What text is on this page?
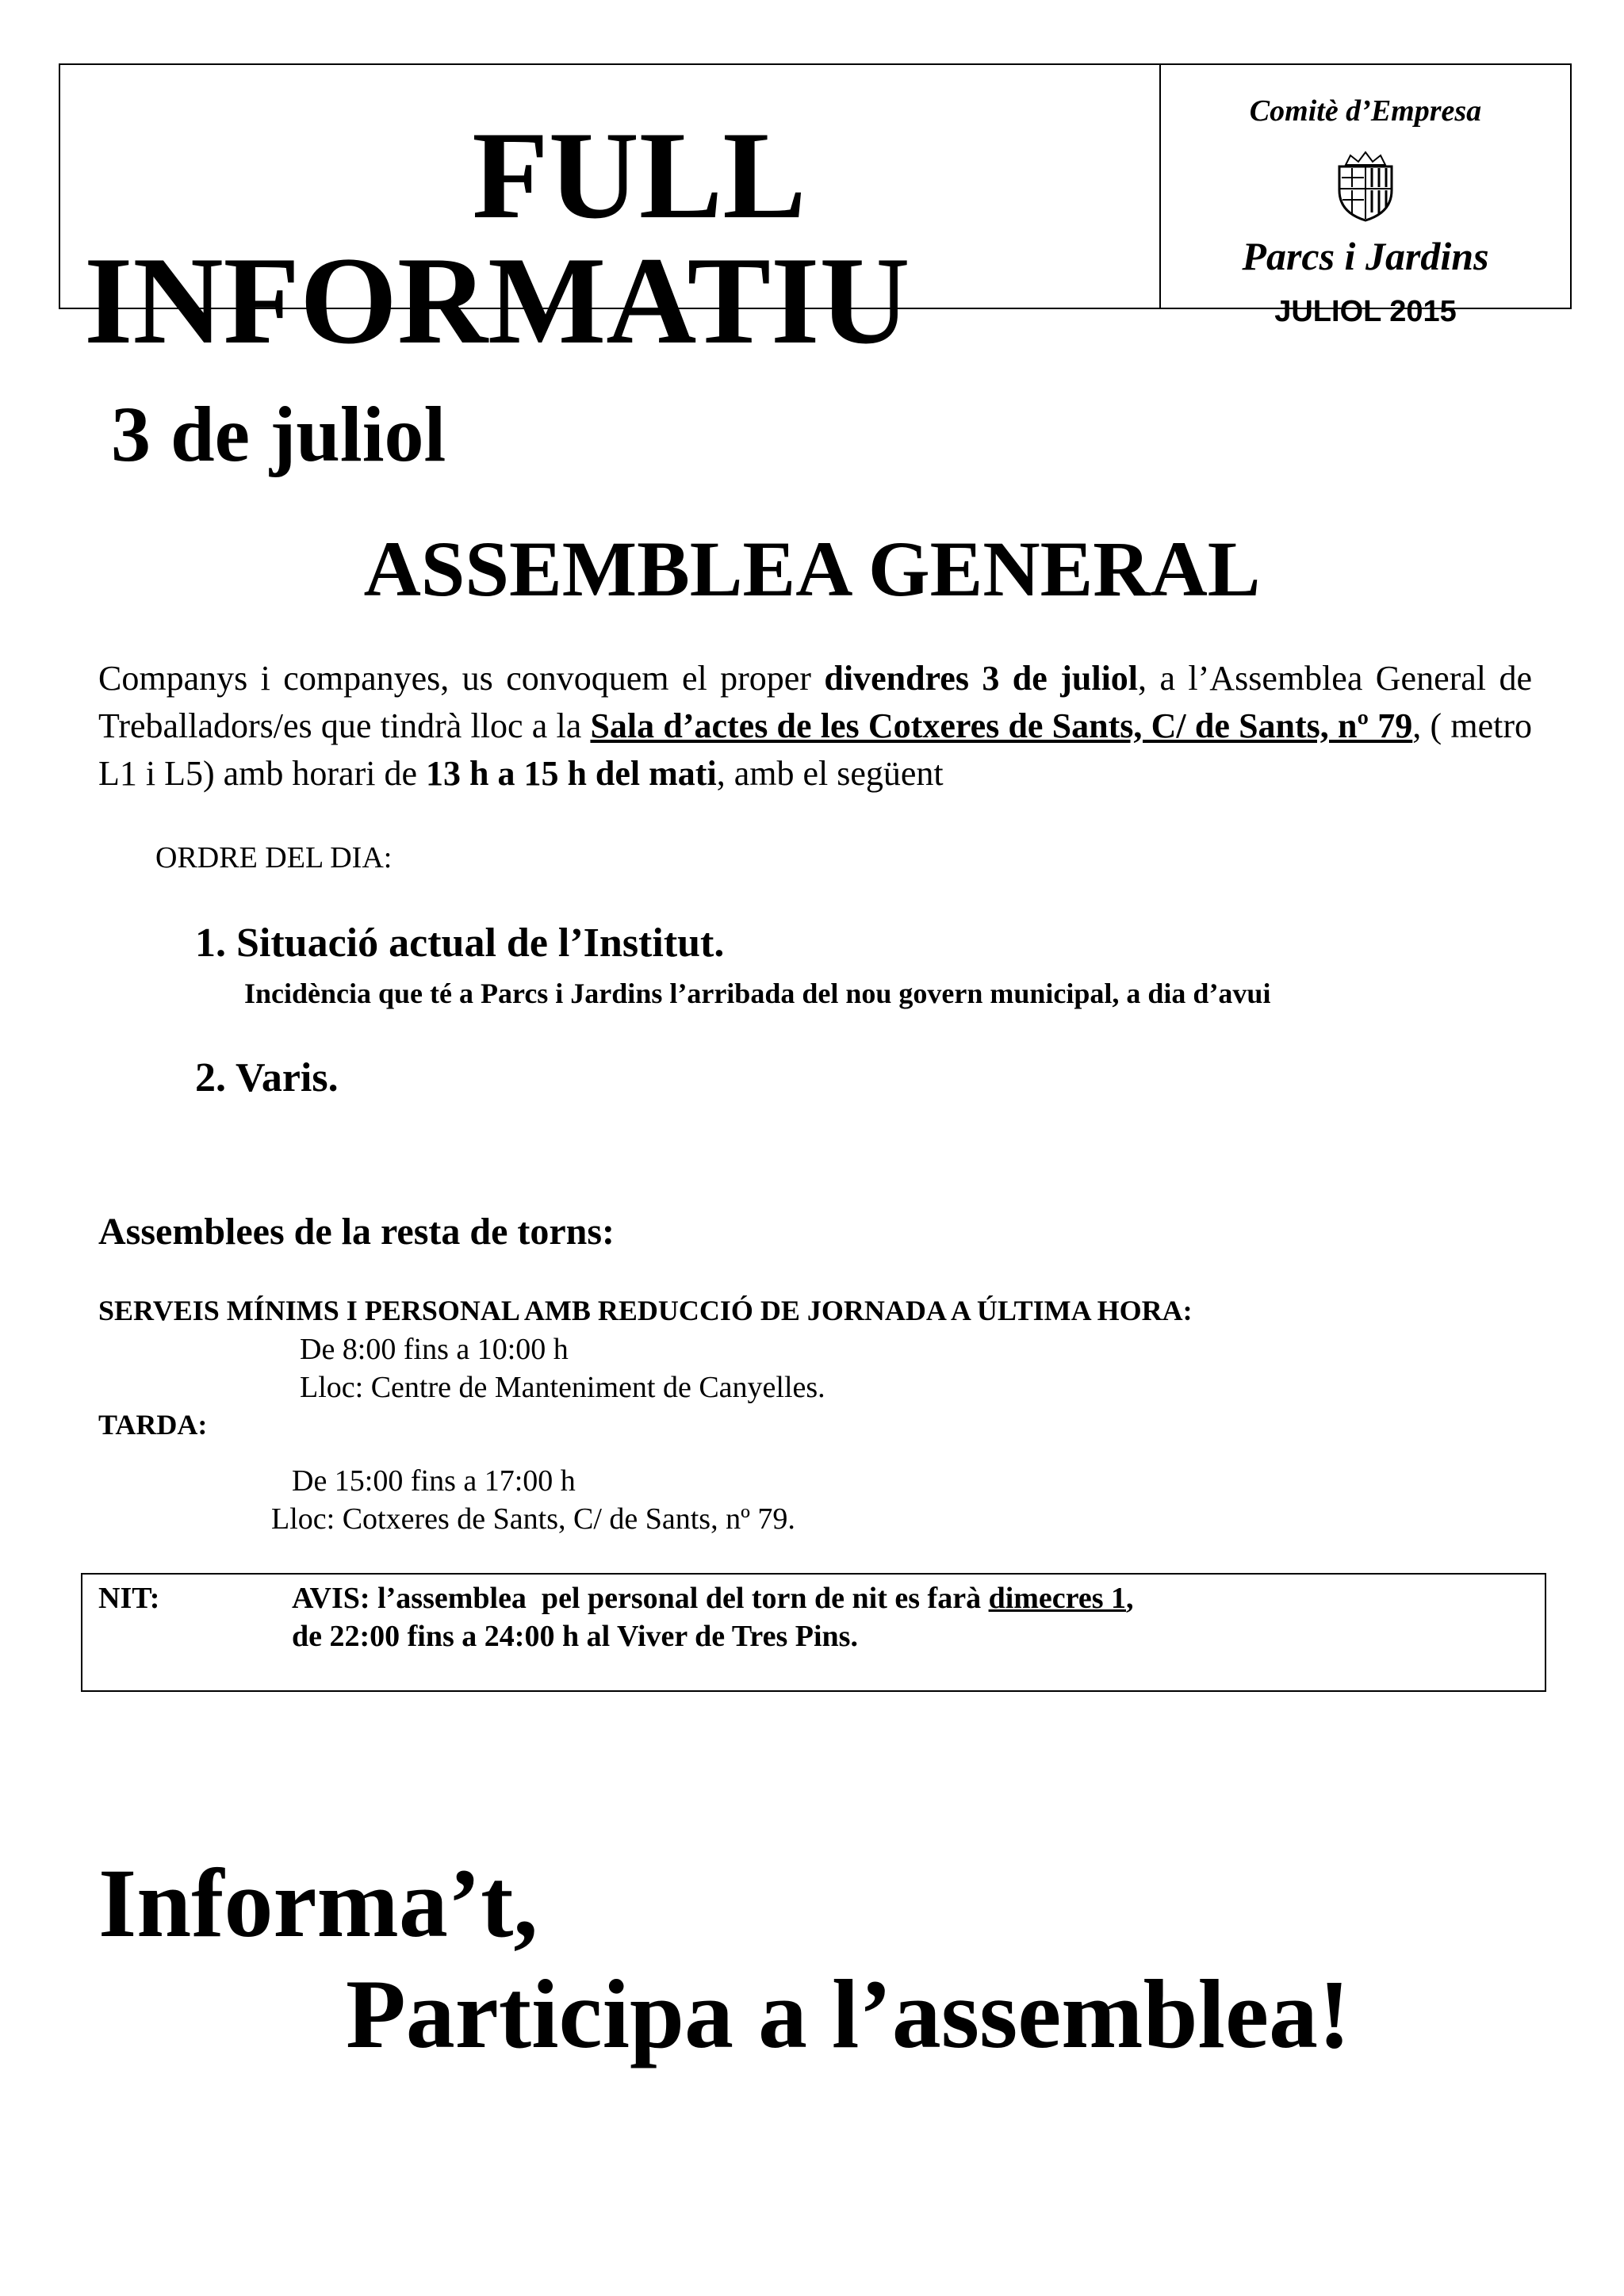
FULL
INFORMATIU
Comitè d’Empresa
Parcs i Jardins
JULIOL 2015
3 de juliol
ASSEMBLEA GENERAL
Companys i companyes, us convoquem el proper divendres 3 de juliol, a l’Assemblea General de Treballadors/es que tindrà lloc a la Sala d’actes de les Cotxeres de Sants, C/ de Sants, nº 79, ( metro L1 i L5) amb horari de 13 h a 15 h del mati, amb el següent
ORDRE DEL DIA:
1. Situació actual de l’Institut.
Incidència que té a Parcs i Jardins l’arribada del nou govern municipal, a dia d’avui
2. Varis.
Assemblees de la resta de torns:
SERVEIS MÍNIMS I PERSONAL AMB REDUCCIÓ DE JORNADA A ÚLTIMA HORA:
De 8:00 fins a 10:00 h
Lloc: Centre de Manteniment de Canyelles.
TARDA:
De 15:00 fins a 17:00 h
Lloc: Cotxeres de Sants, C/ de Sants, nº 79.
NIT:	AVIS: l’assemblea  pel personal del torn de nit es farà dimecres 1,
de 22:00 fins a 24:00 h al Viver de Tres Pins.
Informa’t,
Participa a l’assemblea!
